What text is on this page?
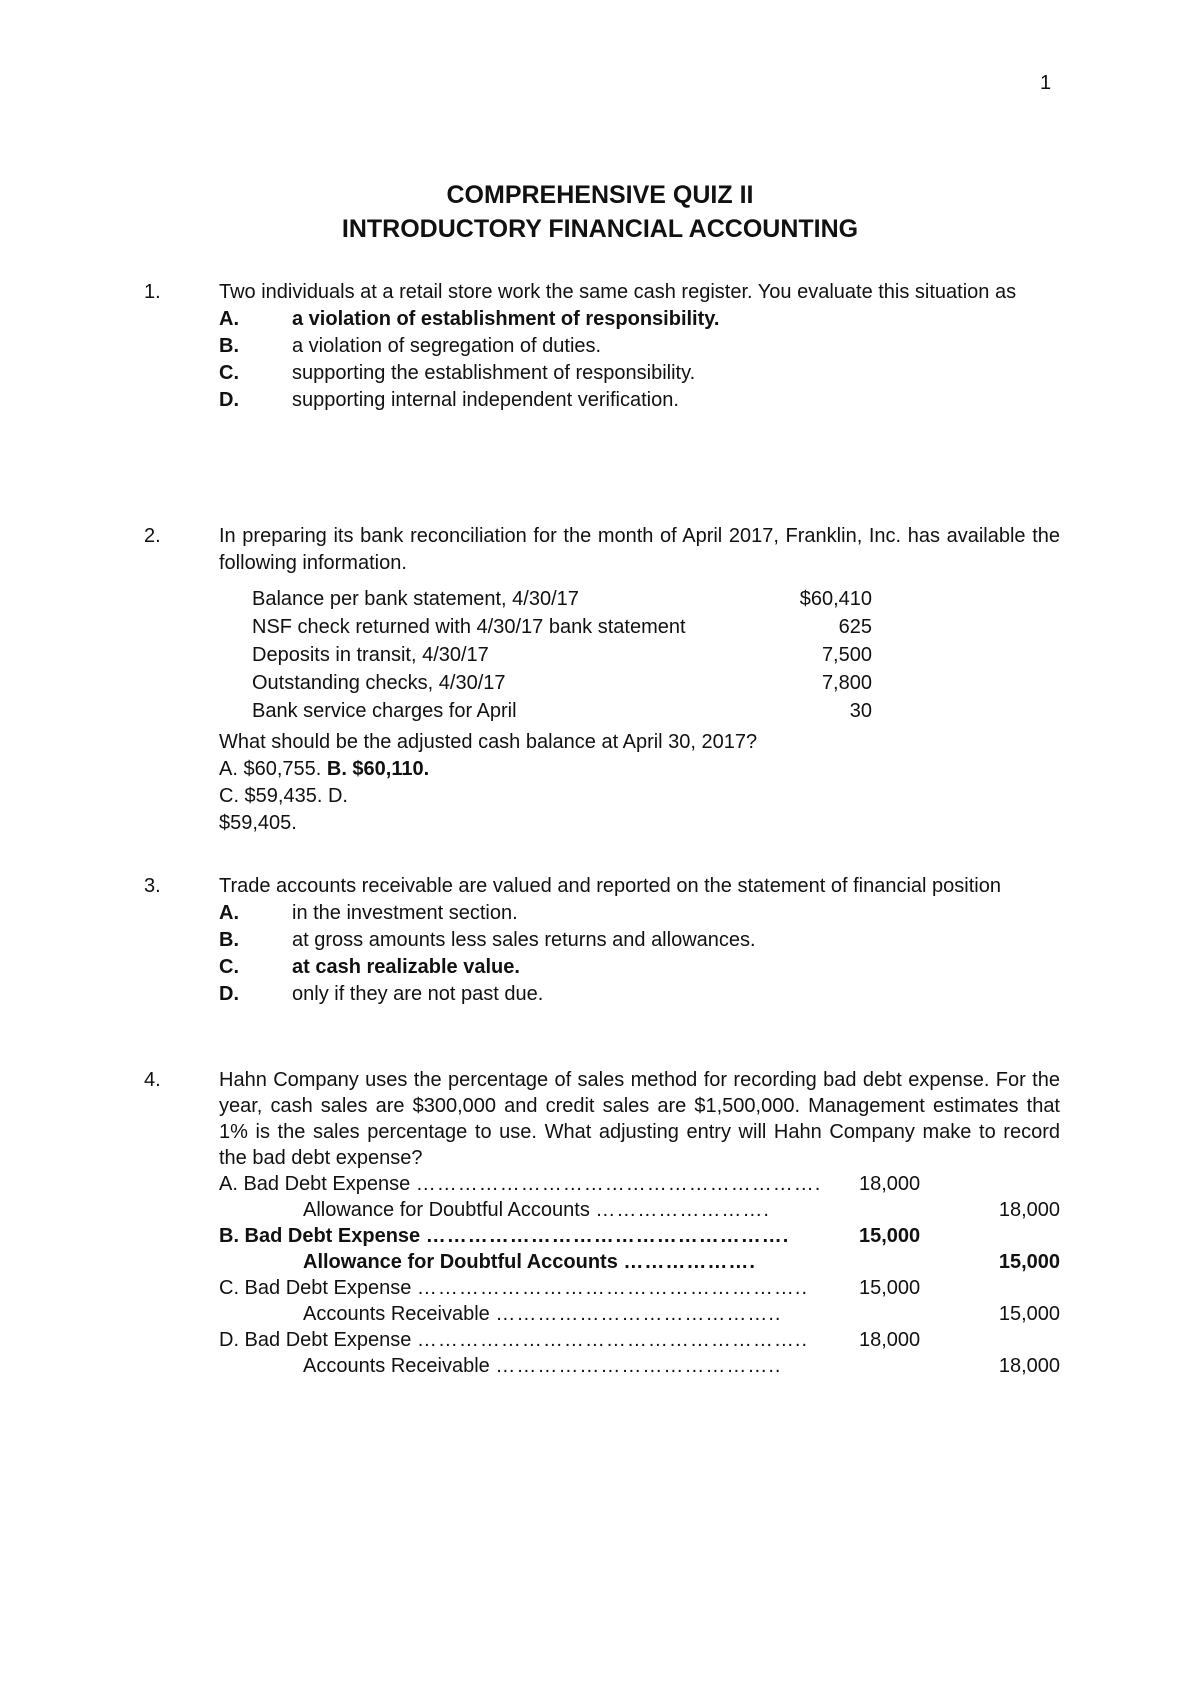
1
COMPREHENSIVE QUIZ II
INTRODUCTORY FINANCIAL ACCOUNTING
1.	Two individuals at a retail store work the same cash register. You evaluate this situation as
A.	a violation of establishment of responsibility.
B.	a violation of segregation of duties.
C.	supporting the establishment of responsibility.
D.	supporting internal independent verification.
2.	In preparing its bank reconciliation for the month of April 2017, Franklin, Inc. has available the following information.
Balance per bank statement, 4/30/17	$60,410
NSF check returned with 4/30/17 bank statement	625
Deposits in transit, 4/30/17	7,500
Outstanding checks, 4/30/17	7,800
Bank service charges for April	30
What should be the adjusted cash balance at April 30, 2017?
A. $60,755. B. $60,110.
C. $59,435. D.
$59,405.
3.	Trade accounts receivable are valued and reported on the statement of financial position
A.	in the investment section.
B.	at gross amounts less sales returns and allowances.
C.	at cash realizable value.
D.	only if they are not past due.
4.	Hahn Company uses the percentage of sales method for recording bad debt expense. For the year, cash sales are $300,000 and credit sales are $1,500,000. Management estimates that 1% is the sales percentage to use. What adjusting entry will Hahn Company make to record the bad debt expense?
A. Bad Debt Expense …………………………………………………. 18,000
Allowance for Doubtful Accounts …………………….	18,000
B. Bad Debt Expense …………………………………………….	15,000
Allowance for Doubtful Accounts ……………….	15,000
C. Bad Debt Expense ………………………………………………..	15,000
Accounts Receivable …………………………………..	15,000
D. Bad Debt Expense ………………………………………………..	18,000
Accounts Receivable …………………………………..	18,000
